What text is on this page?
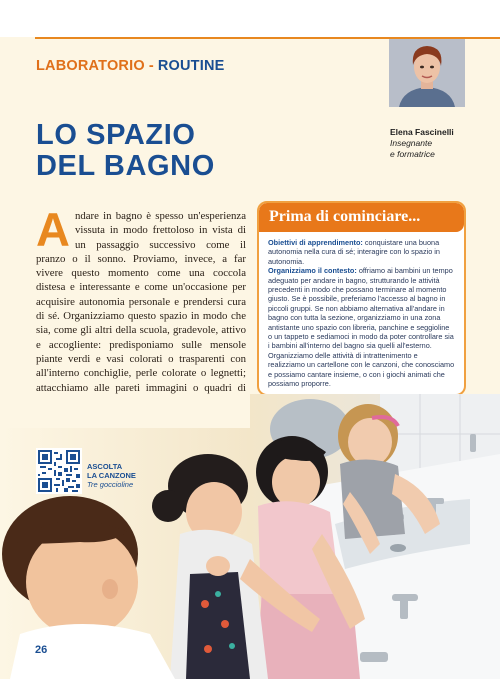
LABORATORIO - ROUTINE
LO SPAZIO
DEL BAGNO
Elena Fascinelli
Insegnante
e formatrice
A ndare in bagno è spesso un'esperienza vissuta in modo frettoloso in vista di un passaggio successivo come il pranzo o il sonno. Proviamo, invece, a far vivere questo momento come una coccola distesa e interessante e come un'occasione per acquisire autonomia personale e prendersi cura di sé. Organizziamo questo spazio in modo che sia, come gli altri della scuola, gradevole, attivo e accogliente: predisponiamo sulle mensole piante verdi e vasi colorati o trasparenti con all'interno conchiglie, perle colorate o legnetti; attacchiamo alle pareti immagini o quadri di

Prima di cominciare...

Obiettivi di apprendimento: conquistare una buona autonomia nella cura di sé; interagire con lo spazio in autonomia.

Organizziamo il contesto: offriamo ai bambini un tempo adeguato per andare in bagno, strutturando le attività precedenti in modo che possano terminare al momento giusto. Se è possibile, preferiamo l'accesso al bagno in piccoli gruppi. Se non abbiamo alternativa all'andare in bagno con tutta la sezione, organizziamo in una zona antistante uno spazio con libreria, panchine e seggioline o un tappeto e sediamoci in modo da poter controllare sia i bambini all'interno del bagno sia quelli all'esterno. Organizziamo delle attività di intrattenimento e realizziamo un cartellone con le canzoni, che conosciamo e possiamo cantare insieme, o con i giochi animati che possiamo proporre.

ASCOLTA
LA CANZONE
Tre goccioline
26
